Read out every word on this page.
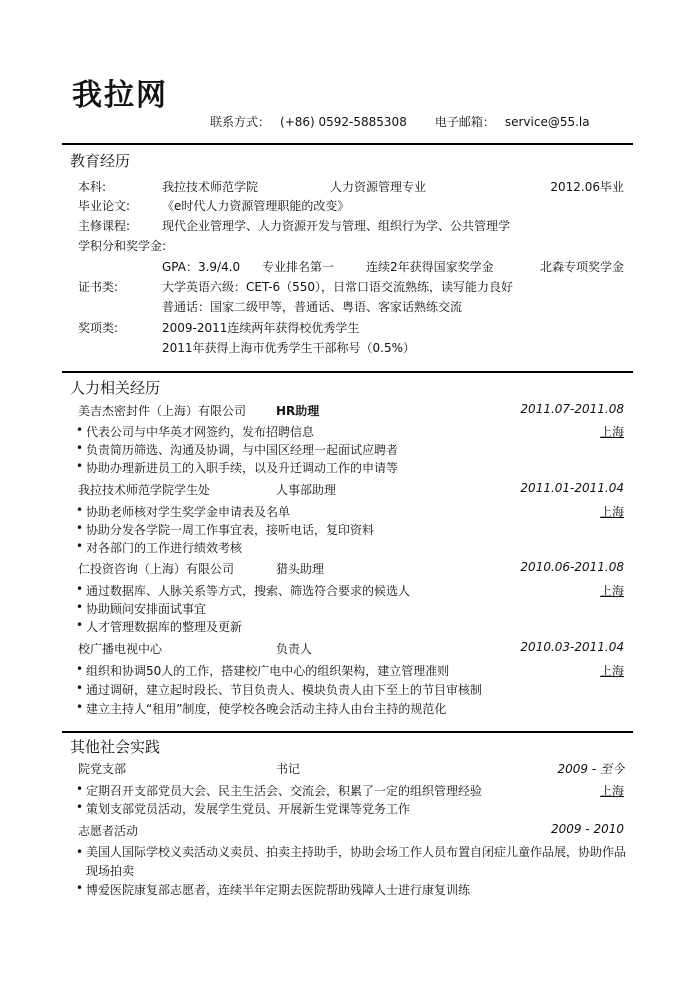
我拉网
联系方式： (+86) 0592-5885308 电子邮箱： service@55.la
教育经历
本科:	我拉技术师范学院	人力资源管理专业	2012.06毕业
毕业论文:	《e时代人力资源管理职能的改变》
主修课程:	现代企业管理学、人力资源开发与管理、组织行为学、公共管理学
学积分和奖学金:
GPA：3.9/4.0 专业排名第一	连续2年获得国家奖学金	北森专项奖学金
证书类:	大学英语六级：CET-6（550），日常口语交流熟练，读写能力良好
普通话：国家二级甲等，普通话、粤语、客家话熟练交流
奖项类:	2009-2011连续两年获得校优秀学生
2011年获得上海市优秀学生干部称号（0.5%）
人力相关经历
美吉杰密封件（上海）有限公司 HR助理	2011.07-2011.08
• 代表公司与中华英才网签约，发布招聘信息	上海
• 负责简历筛选、沟通及协调，与中国区经理一起面试应聘者
• 协助办理新进员工的入职手续，以及升迁调动工作的申请等
我拉技术师范学院学生处	人事部助理	2011.01-2011.04
• 协助老师核对学生奖学金申请表及名单	上海
• 协助分发各学院一周工作事宜表，接听电话，复印资料
• 对各部门的工作进行绩效考核
仁投资咨询（上海）有限公司	猎头助理	2010.06-2011.08
• 通过数据库、人脉关系等方式，搜索、筛选符合要求的候选人	上海
• 协助顾问安排面试事宜
• 人才管理数据库的整理及更新
校广播电视中心	负责人	2010.03-2011.04
• 组织和协调50人的工作，搭建校广电中心的组织架构，建立管理准则	上海
• 通过调研，建立起时段长、节目负责人、模块负责人由下至上的节目审核制
• 建立主持人“租用”制度，使学校各晚会活动主持人由台主持的规范化
其他社会实践
院党支部	书记	2009 - 至今
• 定期召开支部党员大会、民主生活会、交流会，积累了一定的组织管理经验	上海
• 策划支部党员活动，发展学生党员、开展新生党课等党务工作
志愿者活动	2009 - 2010
• 美国人国际学校义卖活动义卖员、拍卖主持助手，协助会场工作人员布置自闭症儿童作品展，协助作品现场拍卖
• 博爱医院康复部志愿者，连续半年定期去医院帮助残障人士进行康复训练
